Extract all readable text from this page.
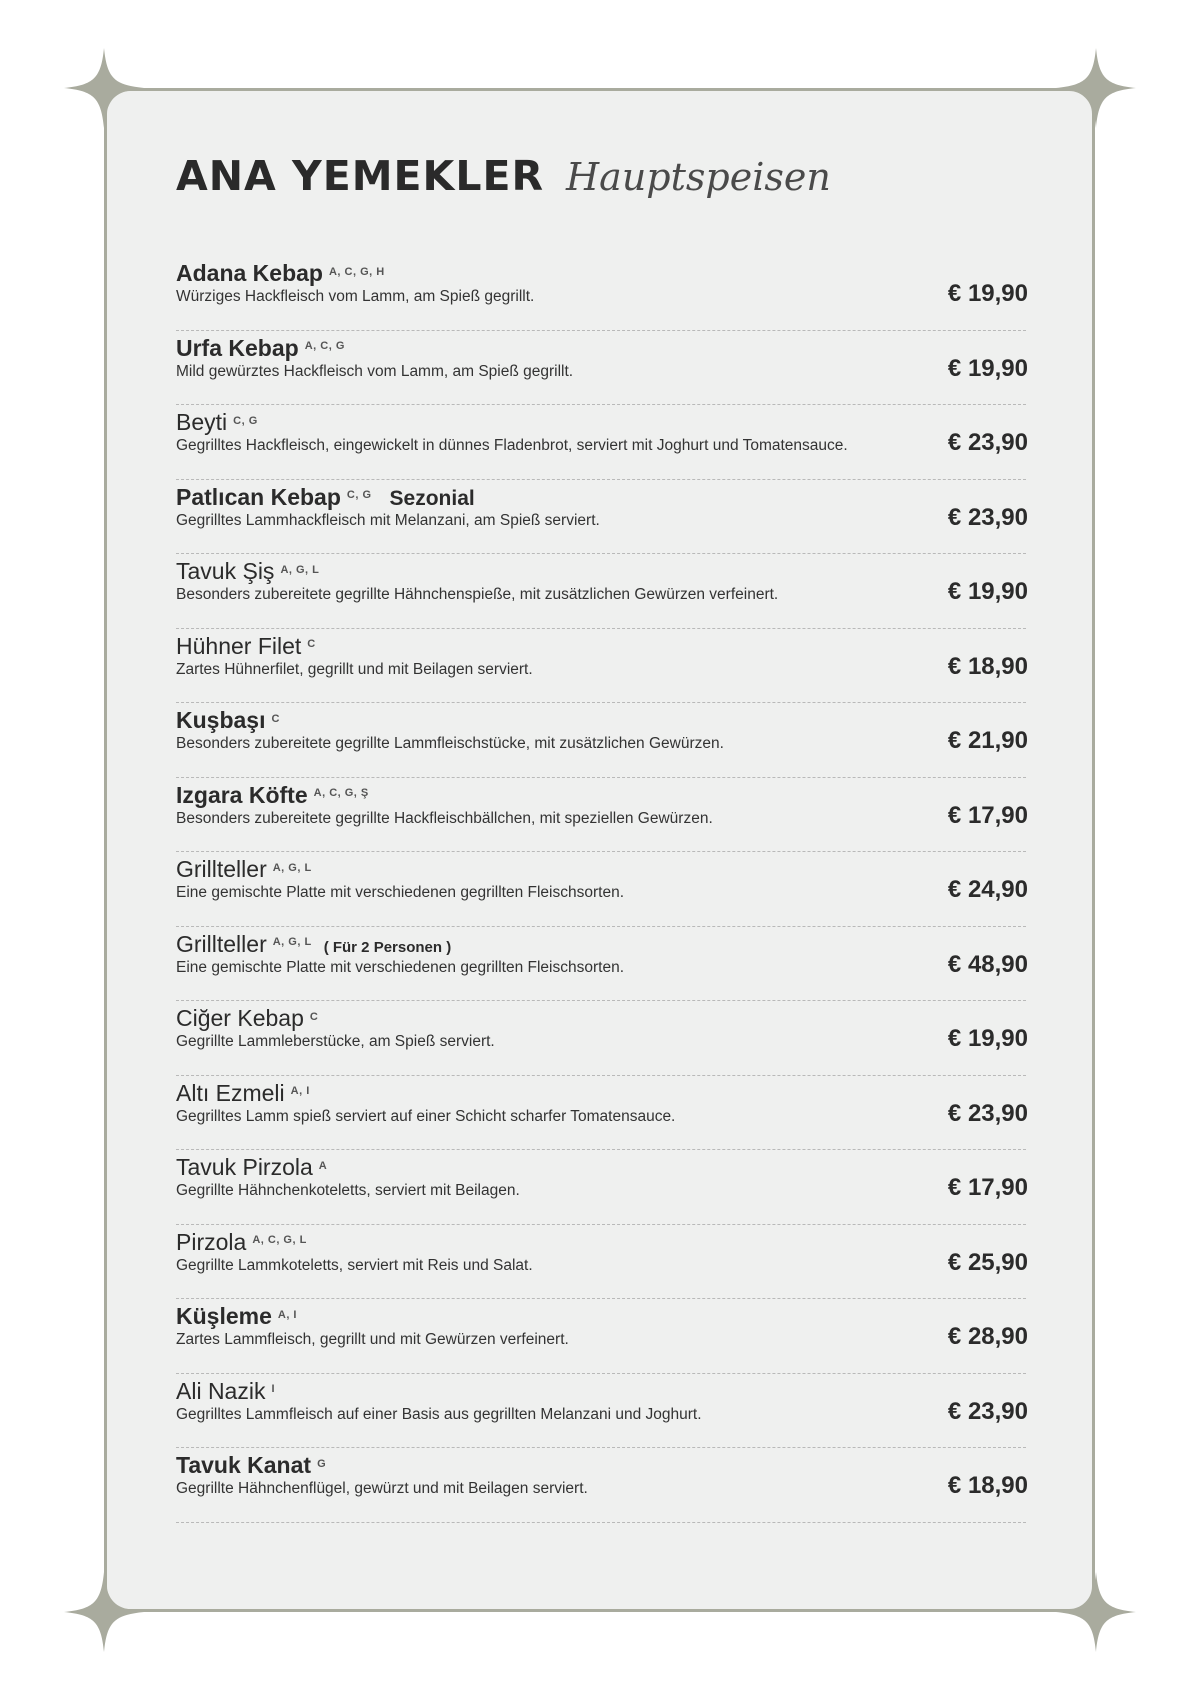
ANA YEMEKLER Hauptspeisen
Adana Kebap $^{A, C, G, H}$
Würziges Hackfleisch vom Lamm, am Spieß gegrillt.	€ 19,90
Urfa Kebap $^{A, C, G}$
Mild gewürztes Hackfleisch vom Lamm, am Spieß gegrillt.	€ 19,90
Beyti $^{C, G}$
Gegrilltes Hackfleisch, eingewickelt in dünnes Fladenbrot, serviert mit Joghurt und Tomatensauce.	€ 23,90
Patlıcan Kebap $^{C, G}$ Sezonial
Gegrilltes Lammhackfleisch mit Melanzani, am Spieß serviert.	€ 23,90
Tavuk Şiş $^{A, G, L}$
Besonders zubereitete gegrillte Hähnchenspieße, mit zusätzlichen Gewürzen verfeinert.	€ 19,90
Hühner Filet $^C$
Zartes Hühnerfilet, gegrillt und mit Beilagen serviert.	€ 18,90
Kuşbaşı $^C$
Besonders zubereitete gegrillte Lammfleischstücke, mit zusätzlichen Gewürzen.	€ 21,90
Izgara Köfte $^{A, C, G, Ş}$
Besonders zubereitete gegrillte Hackfleischbällchen, mit speziellen Gewürzen.	€ 17,90
Grillteller $^{A, G, L}$
Eine gemischte Platte mit verschiedenen gegrillten Fleischsorten.	€ 24,90
Grillteller $^{A, G, L}$ ( Für 2 Personen )
Eine gemischte Platte mit verschiedenen gegrillten Fleischsorten.	€ 48,90
Ciğer Kebap $^C$
Gegrillte Lammleberstücke, am Spieß serviert.	€ 19,90
Altı Ezmeli $^{A, I}$
Gegrilltes Lamm spieß serviert auf einer Schicht scharfer Tomatensauce.	€ 23,90
Tavuk Pirzola $^A$
Gegrillte Hähnchenkoteletts, serviert mit Beilagen.	€ 17,90
Pirzola $^{A, C, G, L}$
Gegrillte Lammkoteletts, serviert mit Reis und Salat.	€ 25,90
Küşleme $^{A, I}$
Zartes Lammfleisch, gegrillt und mit Gewürzen verfeinert.	€ 28,90
Ali Nazik $^I$
Gegrilltes Lammfleisch auf einer Basis aus gegrillten Melanzani und Joghurt.	€ 23,90
Tavuk Kanat $^G$
Gegrillte Hähnchenflügel, gewürzt und mit Beilagen serviert.	€ 18,90
